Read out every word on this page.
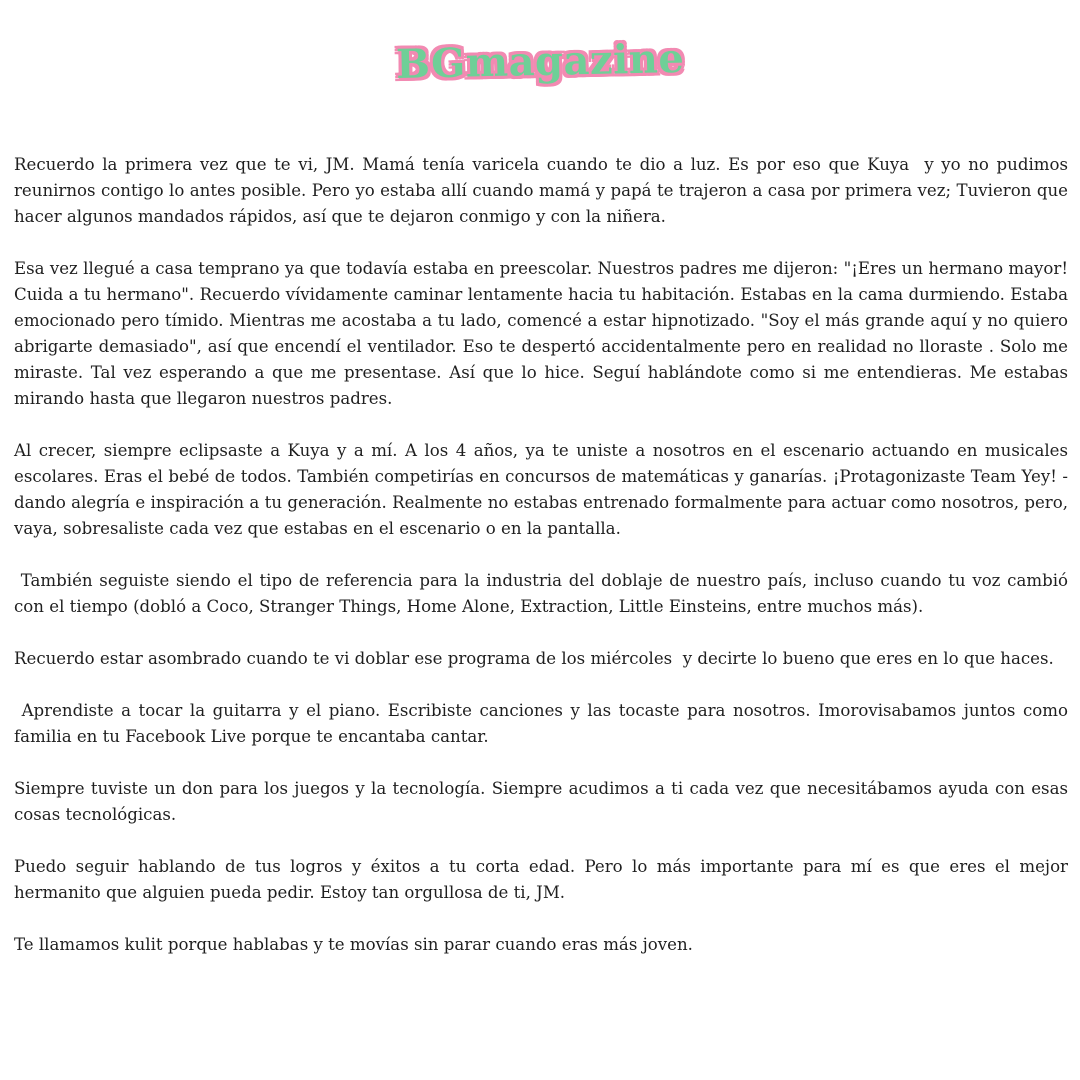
BGmagazine

Recuerdo la primera vez que te vi, JM. Mamá tenía varicela cuando te dio a luz. Es por eso que Kuya  y yo no pudimos reunirnos contigo lo antes posible. Pero yo estaba allí cuando mamá y papá te trajeron a casa por primera vez; Tuvieron que hacer algunos mandados rápidos, así que te dejaron conmigo y con la niñera.

Esa vez llegué a casa temprano ya que todavía estaba en preescolar. Nuestros padres me dijeron: "¡Eres un hermano mayor! Cuida a tu hermano". Recuerdo vívidamente caminar lentamente hacia tu habitación. Estabas en la cama durmiendo. Estaba emocionado pero tímido. Mientras me acostaba a tu lado, comencé a estar hipnotizado. "Soy el más grande aquí y no quiero abrigarte demasiado", así que encendí el ventilador. Eso te despertó accidentalmente pero en realidad no lloraste . Solo me miraste. Tal vez esperando a que me presentase. Así que lo hice. Seguí hablándote como si me entendieras. Me estabas mirando hasta que llegaron nuestros padres.

Al crecer, siempre eclipsaste a Kuya y a mí. A los 4 años, ya te uniste a nosotros en el escenario actuando en musicales escolares. Eras el bebé de todos. También competirías en concursos de matemáticas y ganarías. ¡Protagonizaste Team Yey! - dando alegría e inspiración a tu generación. Realmente no estabas entrenado formalmente para actuar como nosotros, pero, vaya, sobresaliste cada vez que estabas en el escenario o en la pantalla.

También seguiste siendo el tipo de referencia para la industria del doblaje de nuestro país, incluso cuando tu voz cambió con el tiempo (dobló a Coco, Stranger Things, Home Alone, Extraction, Little Einsteins, entre muchos más).

Recuerdo estar asombrado cuando te vi doblar ese programa de los miércoles  y decirte lo bueno que eres en lo que haces.

Aprendiste a tocar la guitarra y el piano. Escribiste canciones y las tocaste para nosotros. Imorovisabamos juntos como familia en tu Facebook Live porque te encantaba cantar.

Siempre tuviste un don para los juegos y la tecnología. Siempre acudimos a ti cada vez que necesitábamos ayuda con esas cosas tecnológicas.

Puedo seguir hablando de tus logros y éxitos a tu corta edad. Pero lo más importante para mí es que eres el mejor hermanito que alguien pueda pedir. Estoy tan orgullosa de ti, JM.

Te llamamos kulit porque hablabas y te movías sin parar cuando eras más joven.
